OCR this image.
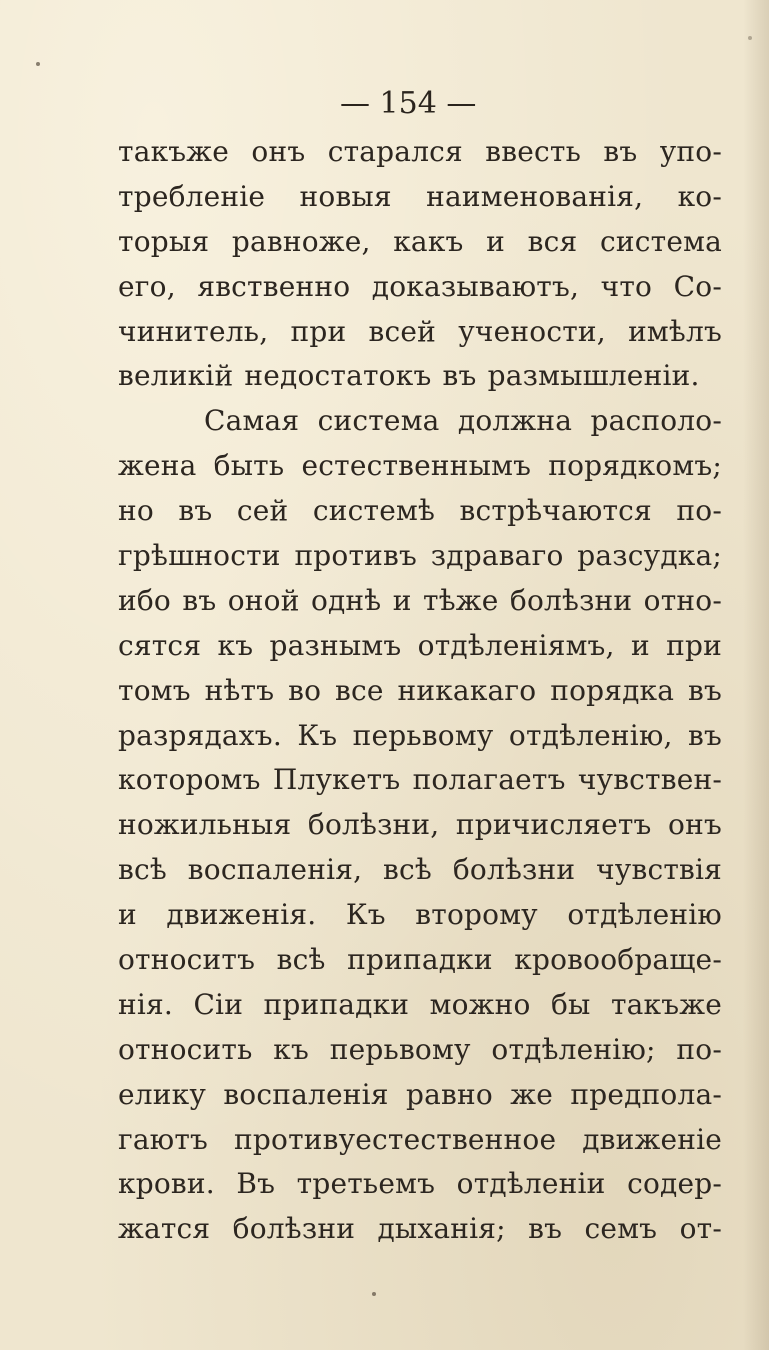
— 154 —
такъже онъ старался ввесть въ упо-
требленіе новыя наименованія, ко-
торыя равноже, какъ и вся система
его, явственно доказываютъ, что Со-
чинитель, при всей учености, имѣлъ
великій недостатокъ въ размышленіи.
Самая система должна располо-
жена быть естественнымъ порядкомъ;
но въ сей системѣ встрѣчаются по-
грѣшности противъ здраваго разсудка;
ибо въ оной однѣ и тѣже болѣзни отно-
сятся къ разнымъ отдѣленіямъ, и при
томъ нѣтъ во все никакаго порядка въ
разрядахъ. Къ перьвому отдѣленію, въ
которомъ Плукетъ полагаетъ чувствен-
ножильныя болѣзни, причисляетъ онъ
всѣ воспаленія, всѣ болѣзни чувствія
и движенія. Къ второму отдѣленію
относитъ всѣ припадки кровообраще-
нія. Сіи припадки можно бы такъже
относить къ перьвому отдѣленію; по-
елику воспаленія равно же предпола-
гаютъ противуестественное движеніе
крови. Въ третьемъ отдѣленіи содер-
жатся болѣзни дыханія; въ семъ от-
